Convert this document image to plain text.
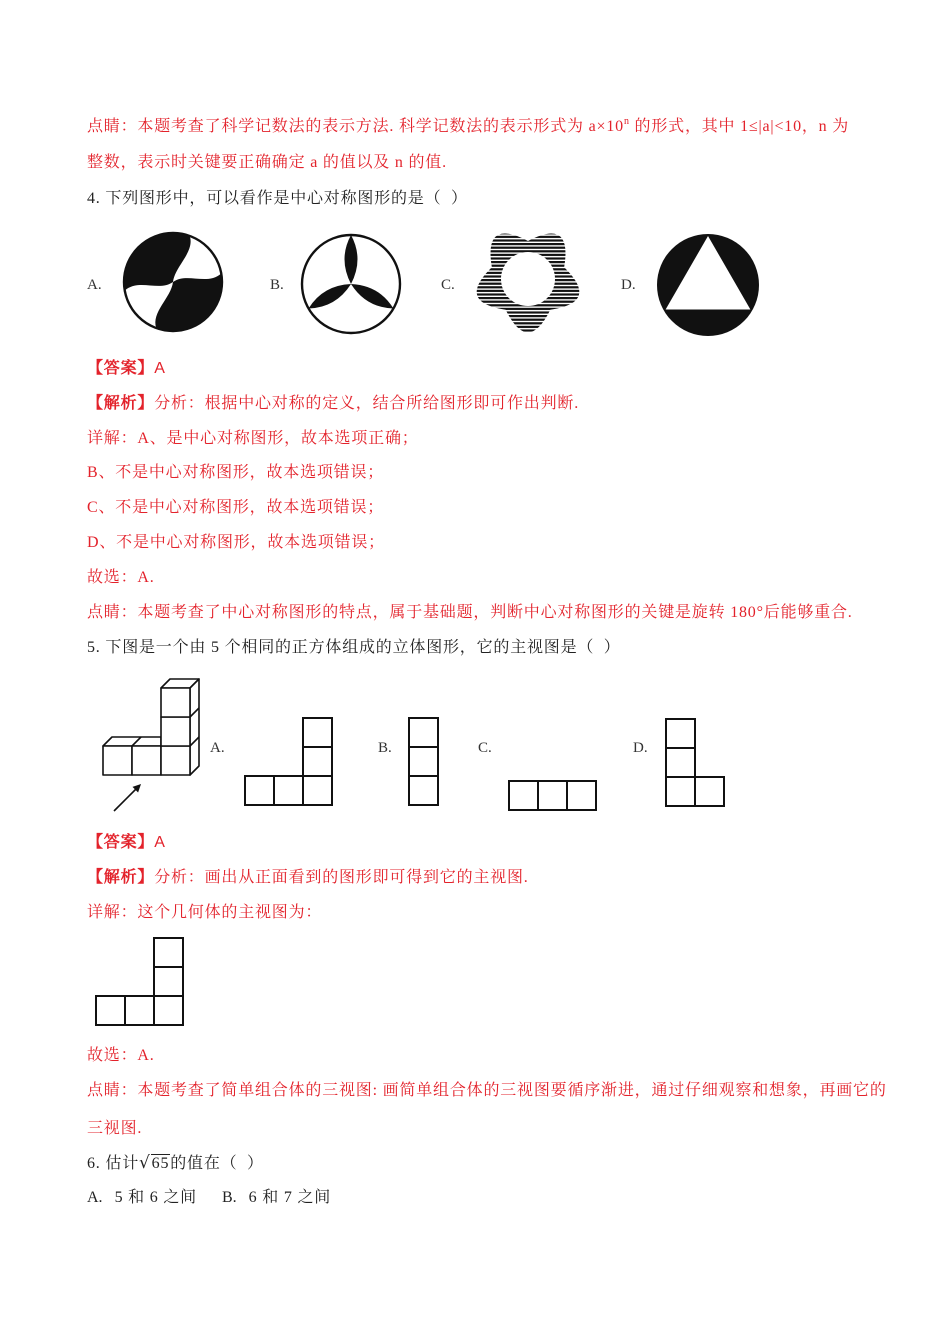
点睛：本题考查了科学记数法的表示方法. 科学记数法的表示形式为 $a\times 10^n$ 的形式，其中 1≤|a|<10，n 为
整数，表示时关键要正确确定 a 的值以及 n 的值.
4. 下列图形中，可以看作是中心对称图形的是（  ）
A.	B.	C.	D.
【答案】A
【解析】分析：根据中心对称的定义，结合所给图形即可作出判断.
详解：A、是中心对称图形，故本选项正确；
B、不是中心对称图形，故本选项错误；
C、不是中心对称图形，故本选项错误；
D、不是中心对称图形，故本选项错误；
故选：A.
点睛：本题考查了中心对称图形的特点，属于基础题，判断中心对称图形的关键是旋转 180°后能够重合.
5. 下图是一个由 5 个相同的正方体组成的立体图形，它的主视图是（  ）
A.	B.	C.	D.
【答案】A
【解析】分析：画出从正面看到的图形即可得到它的主视图.
详解：这个几何体的主视图为：
故选：A.
点睛：本题考查了简单组合体的三视图: 画简单组合体的三视图要循序渐进，通过仔细观察和想象，再画它的
三视图.
6. 估计√65的值在（  ）
A. 5 和 6 之间 B. 6 和 7 之间
